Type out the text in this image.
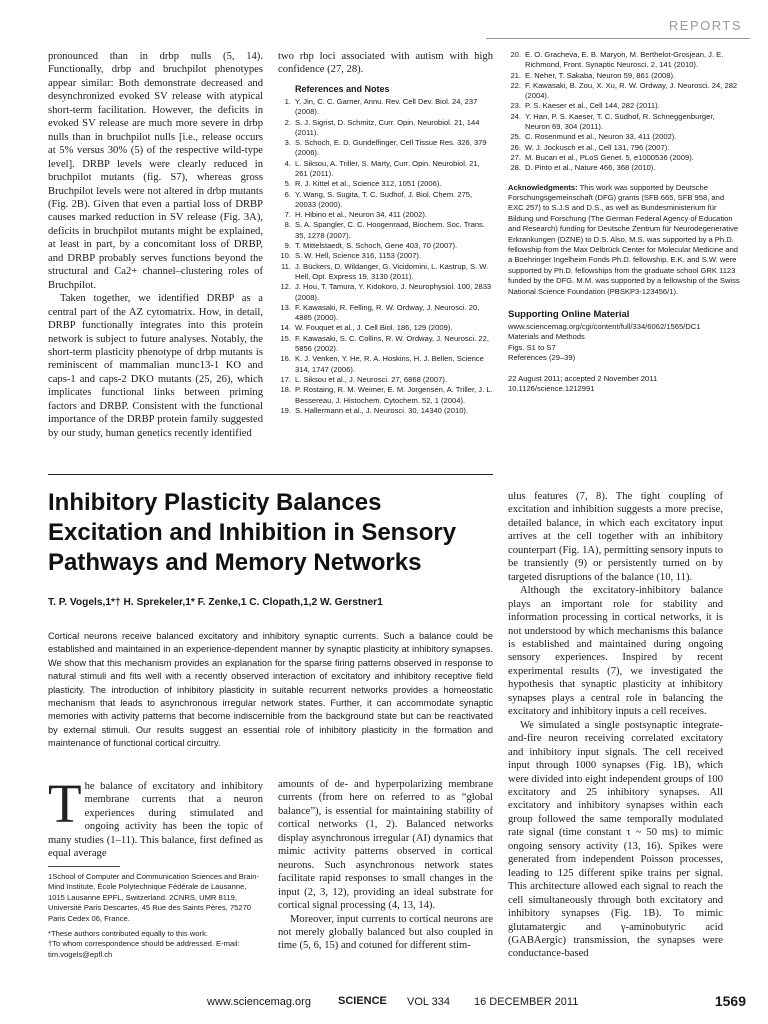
REPORTS

pronounced than in drbp nulls (5, 14). Functionally, drbp and bruchpilot phenotypes appear similar: Both demonstrate decreased and desynchronized evoked SV release with atypical short-term facilitation. However, the deficits in evoked SV release are much more severe in drbp nulls than in bruchpilot nulls [i.e., release occurs at 5% versus 30% (5) of the respective wild-type level]. DRBP levels were clearly reduced in bruchpilot mutants (fig. S7), whereas gross Bruchpilot levels were not altered in drbp mutants (Fig. 2B). Given that even a partial loss of DRBP causes marked reduction in SV release (Fig. 3A), deficits in bruchpilot mutants might be explained, at least in part, by a concomitant loss of DRBP, and DRBP probably serves functions beyond the structural and Ca2+ channel–clustering roles of Bruchpilot.

Taken together, we identified DRBP as a central part of the AZ cytomatrix. How, in detail, DRBP functionally integrates into this protein network is subject to future analyses. Notably, the short-term plasticity phenotype of drbp mutants is reminiscent of mammalian munc13-1 KO and caps-1 and caps-2 DKO mutants (25, 26), which implicates functional links between priming factors and DRBP. Consistent with the functional importance of the DRBP protein family suggested by our study, human genetics recently identified

two rbp loci associated with autism with high confidence (27, 28).

References and Notes
1. Y. Jin, C. C. Garner, Annu. Rev. Cell Dev. Biol. 24, 237 (2008).
2. S. J. Sigrist, D. Schmitz, Curr. Opin. Neurobiol. 21, 144 (2011).
3. S. Schoch, E. D. Gundelfinger, Cell Tissue Res. 326, 379 (2006).
4. L. Siksou, A. Triller, S. Marty, Curr. Opin. Neurobiol. 21, 261 (2011).
5. R. J. Kittel et al., Science 312, 1051 (2006).
6. Y. Wang, S. Sugita, T. C. Sudhof, J. Biol. Chem. 275, 20033 (2000).
7. H. Hibino et al., Neuron 34, 411 (2002).
8. S. A. Spangler, C. C. Hoogenraad, Biochem. Soc. Trans. 35, 1278 (2007).
9. T. Mittelstaedt, S. Schoch, Gene 403, 70 (2007).
10. S. W. Hell, Science 316, 1153 (2007).
11. J. Bückers, D. Wildanger, G. Vicidomini, L. Kastrup, S. W. Hell, Opt. Express 19, 3130 (2011).
12. J. Hou, T. Tamura, Y. Kidokoro, J. Neurophysiol. 100, 2833 (2008).
13. F. Kawasaki, R. Felling, R. W. Ordway, J. Neurosci. 20, 4885 (2000).
14. W. Fouquet et al., J. Cell Biol. 186, 129 (2009).
15. F. Kawasaki, S. C. Collins, R. W. Ordway, J. Neurosci. 22, 5856 (2002).
16. K. J. Venken, Y. He, R. A. Hoskins, H. J. Bellen, Science 314, 1747 (2006).
17. L. Siksou et al., J. Neurosci. 27, 6868 (2007).
18. P. Rostaing, R. M. Weimer, E. M. Jorgensen, A. Triller, J. L. Bessereau, J. Histochem. Cytochem. 52, 1 (2004).
19. S. Hallermann et al., J. Neurosci. 30, 14340 (2010).
20. E. O. Gracheva, E. B. Maryon, M. Berthelot-Grosjean, J. E. Richmond, Front. Synaptic Neurosci. 2, 141 (2010).
21. E. Neher, T. Sakaba, Neuron 59, 861 (2008).
22. F. Kawasaki, B. Zou, X. Xu, R. W. Ordway, J. Neurosci. 24, 282 (2004).
23. P. S. Kaeser et al., Cell 144, 282 (2011).
24. Y. Han, P. S. Kaeser, T. C. Südhof, R. Schneggenburger, Neuron 69, 304 (2011).
25. C. Rosenmund et al., Neuron 33, 411 (2002).
26. W. J. Jockusch et al., Cell 131, 796 (2007).
27. M. Bucan et al., PLoS Genet. 5, e1000536 (2009).
28. D. Pinto et al., Nature 466, 368 (2010).

Acknowledgments: This work was supported by Deutsche Forschungsgemeinschaft (DFG) grants (SFB 665, SFB 958, and EXC 257) to S.J.S and D.S., as well as Bundesministerium für Bildung und Forschung (The German Federal Agency of Education and Research) funding for Deutsche Zentrum für Neurodegenerative Erkrankungen (DZNE) to D.S. Also, M.S. was supported by a Ph.D. fellowship from the Max Delbrück Center for Molecular Medicine and a Boehringer Ingelheim Fonds Ph.D. fellowship. E.K. and S.W. were supported by Ph.D. fellowships from the graduate school GRK 1123 funded by the DFG. M.M. was supported by a fellowship of the Swiss National Science Foundation (PBSKP3-123456/1).

Supporting Online Material
www.sciencemag.org/cgi/content/full/334/6062/1565/DC1
Materials and Methods
Figs. S1 to S7
References (29–39)
22 August 2011; accepted 2 November 2011
10.1126/science.1212991
Inhibitory Plasticity Balances Excitation and Inhibition in Sensory Pathways and Memory Networks
T. P. Vogels,1*† H. Sprekeler,1* F. Zenke,1 C. Clopath,1,2 W. Gerstner1

Cortical neurons receive balanced excitatory and inhibitory synaptic currents. Such a balance could be established and maintained in an experience-dependent manner by synaptic plasticity at inhibitory synapses. We show that this mechanism provides an explanation for the sparse firing patterns observed in response to natural stimuli and fits well with a recently observed interaction of excitatory and inhibitory receptive field plasticity. The introduction of inhibitory plasticity in suitable recurrent networks provides a homeostatic mechanism that leads to asynchronous irregular network states. Further, it can accommodate synaptic memories with activity patterns that become indiscernible from the background state but can be reactivated by external stimuli. Our results suggest an essential role of inhibitory plasticity in the formation and maintenance of functional cortical circuitry.

The balance of excitatory and inhibitory membrane currents that a neuron experiences during stimulated and ongoing activity has been the topic of many studies (1–11). This balance, first defined as equal average

1School of Computer and Communication Sciences and Brain-Mind Institute, École Polytechnique Fédérale de Lausanne, 1015 Lausanne EPFL, Switzerland. 2CNRS, UMR 8119, Université Paris Descartes, 45 Rue des Saints Pères, 75270 Paris Cedex 06, France.

*These authors contributed equally to this work.

†To whom correspondence should be addressed. E-mail: tim.vogels@epfl.ch

amounts of de- and hyperpolarizing membrane currents (from here on referred to as “global balance”), is essential for maintaining stability of cortical networks (1, 2). Balanced networks display asynchronous irregular (AI) dynamics that mimic activity patterns observed in cortical neurons. Such asynchronous network states facilitate rapid responses to small changes in the input (2, 3, 12), providing an ideal substrate for cortical signal processing (4, 13, 14).

Moreover, input currents to cortical neurons are not merely globally balanced but also coupled in time (5, 6, 15) and cotuned for different stim-

ulus features (7, 8). The tight coupling of excitation and inhibition suggests a more precise, detailed balance, in which each excitatory input arrives at the cell together with an inhibitory counterpart (Fig. 1A), permitting sensory inputs to be transiently (9) or persistently turned on by targeted disruptions of the balance (10, 11).

Although the excitatory-inhibitory balance plays an important role for stability and information processing in cortical networks, it is not understood by which mechanisms this balance is established and maintained during ongoing sensory experiences. Inspired by recent experimental results (7), we investigated the hypothesis that synaptic plasticity at inhibitory synapses plays a central role in balancing the excitatory and inhibitory inputs a cell receives.

We simulated a single postsynaptic integrate-and-fire neuron receiving correlated excitatory and inhibitory input signals. The cell received input through 1000 synapses (Fig. 1B), which were divided into eight independent groups of 100 excitatory and 25 inhibitory synapses. All excitatory and inhibitory synapses within each group followed the same temporally modulated rate signal (time constant τ ~ 50 ms) to mimic ongoing sensory activity (13, 16). Spikes were generated from independent Poisson processes, leading to 125 different spike trains per signal. This architecture allowed each signal to reach the cell simultaneously through both excitatory and inhibitory synapses (Fig. 1B). To mimic glutamatergic and γ-aminobutyric acid (GABAergic) transmission, the synapses were conductance-based

www.sciencemag.org SCIENCE VOL 334 16 DECEMBER 2011	1569
